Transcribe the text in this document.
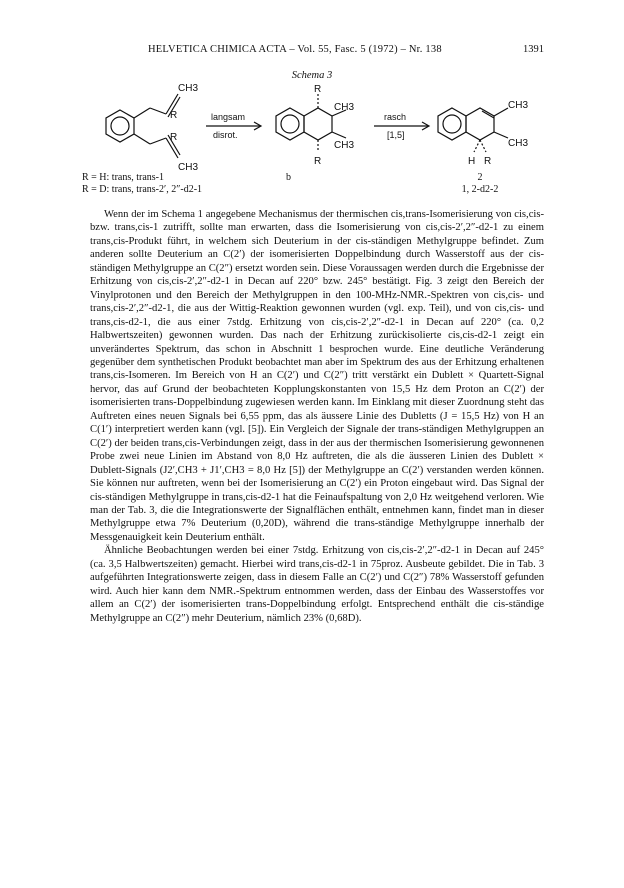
HELVETICA CHIMICA ACTA – Vol. 55, Fasc. 5 (1972) – Nr. 138	1391
Schema 3
CH3
R
R
CH3
langsam
disrot.
R
CH3
CH3
R
rasch
[1,5]
CH3
CH3
H R
R = H: trans, trans-1
R = D: trans, trans-2′, 2″-d2-1
b	2
1, 2-d2-2

Wenn der im Schema 1 angegebene Mechanismus der thermischen cis,trans-Isomerisierung von cis,cis- bzw. trans,cis-1 zutrifft, sollte man erwarten, dass die Isomerisierung von cis,cis-2′,2″-d2-1 zu einem trans,cis-Produkt führt, in welchem sich Deuterium in der cis-ständigen Methylgruppe befindet. Zum anderen sollte Deuterium an C(2′) der isomerisierten Doppelbindung durch Wasserstoff aus der cis-ständigen Methylgruppe an C(2″) ersetzt worden sein. Diese Voraussagen werden durch die Ergebnisse der Erhitzung von cis,cis-2′,2″-d2-1 in Decan auf 220° bzw. 245° bestätigt. Fig. 3 zeigt den Bereich der Vinylprotonen und den Bereich der Methylgruppen in den 100-MHz-NMR.-Spektren von cis,cis- und trans,cis-2′,2″-d2-1, die aus der Wittig-Reaktion gewonnen wurden (vgl. exp. Teil), und von cis,cis- und trans,cis-d2-1, die aus einer 7stdg. Erhitzung von cis,cis-2′,2″-d2-1 in Decan auf 220° (ca. 0,2 Halbwertszeiten) gewonnen wurden. Das nach der Erhitzung zurückisolierte cis,cis-d2-1 zeigt ein unverändertes Spektrum, das schon in Abschnitt 1 besprochen wurde. Eine deutliche Veränderung gegenüber dem synthetischen Produkt beobachtet man aber im Spektrum des aus der Erhitzung erhaltenen trans,cis-Isomeren. Im Bereich von H an C(2′) und C(2″) tritt verstärkt ein Dublett × Quartett-Signal hervor, das auf Grund der beobachteten Kopplungskonstanten von 15,5 Hz dem Proton an C(2′) der isomerisierten trans-Doppelbindung zugewiesen werden kann. Im Einklang mit dieser Zuordnung steht das Auftreten eines neuen Signals bei 6,55 ppm, das als äussere Linie des Dubletts (J = 15,5 Hz) von H an C(1′) interpretiert werden kann (vgl. [5]). Ein Vergleich der Signale der trans-ständigen Methylgruppen an C(2′) der beiden trans,cis-Verbindungen zeigt, dass in der aus der thermischen Isomerisierung gewonnenen Probe zwei neue Linien im Abstand von 8,0 Hz auftreten, die als die äusseren Linien des Dublett × Dublett-Signals (J2′,CH3 + J1′,CH3 = 8,0 Hz [5]) der Methylgruppe an C(2′) verstanden werden können. Sie können nur auftreten, wenn bei der Isomerisierung an C(2′) ein Proton eingebaut wird. Das Signal der cis-ständigen Methylgruppe in trans,cis-d2-1 hat die Feinaufspaltung von 2,0 Hz weitgehend verloren. Wie man der Tab. 3, die die Integrationswerte der Signalflächen enthält, entnehmen kann, findet man in dieser Methylgruppe etwa 7% Deuterium (0,20D), während die trans-ständige Methylgruppe innerhalb der Messgenauigkeit kein Deuterium enthält.

Ähnliche Beobachtungen werden bei einer 7stdg. Erhitzung von cis,cis-2′,2″-d2-1 in Decan auf 245° (ca. 3,5 Halbwertszeiten) gemacht. Hierbei wird trans,cis-d2-1 in 75proz. Ausbeute gebildet. Die in Tab. 3 aufgeführten Integrationswerte zeigen, dass in diesem Falle an C(2′) und C(2″) 78% Wasserstoff gefunden wird. Auch hier kann dem NMR.-Spektrum entnommen werden, dass der Einbau des Wasserstoffes vor allem an C(2′) der isomerisierten trans-Doppelbindung erfolgt. Entsprechend enthält die cis-ständige Methylgruppe an C(2″) mehr Deuterium, nämlich 23% (0,68D).
